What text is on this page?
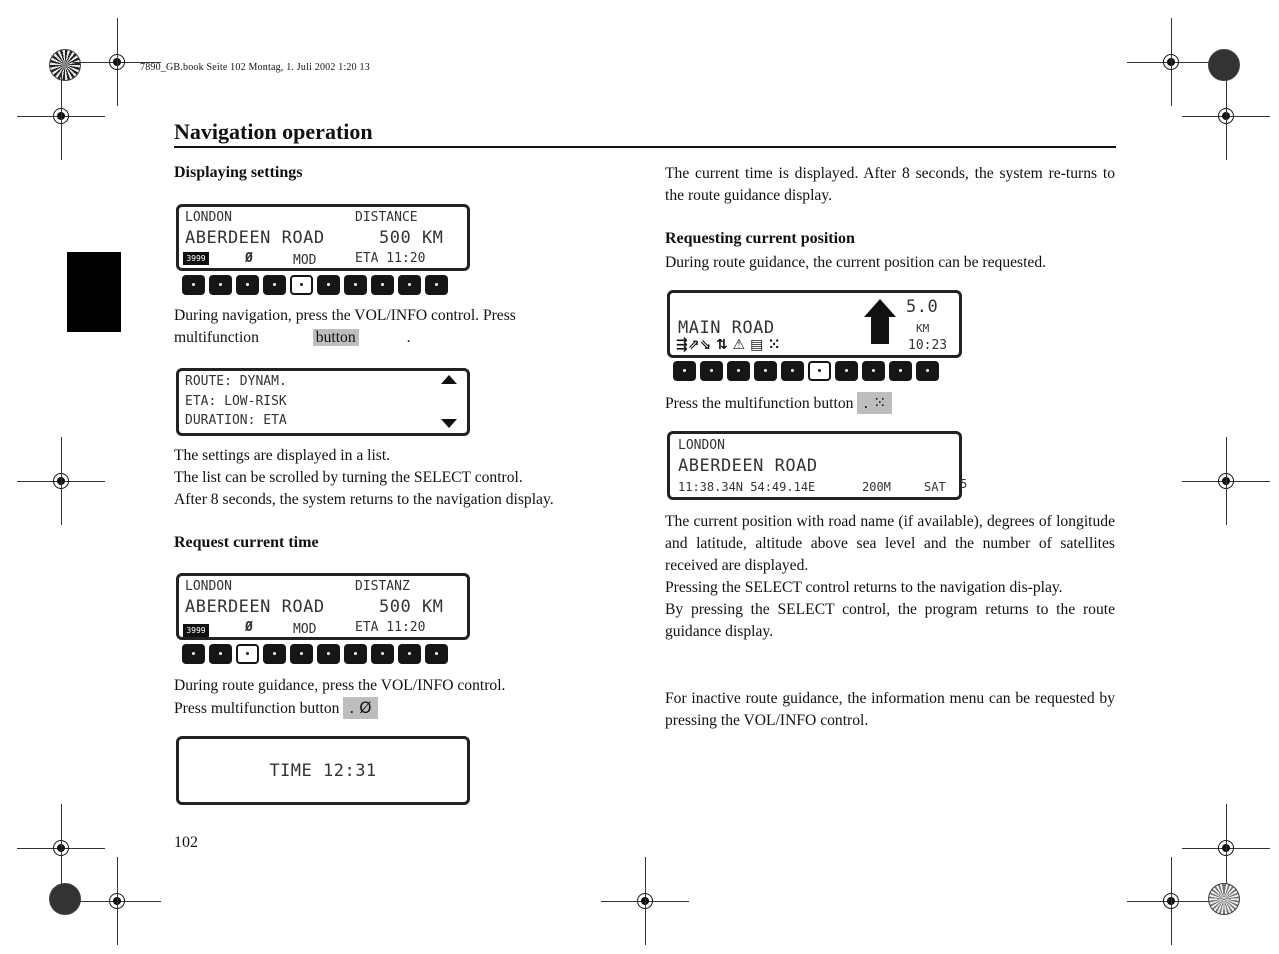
7890_GB.book Seite 102 Montag, 1. Juli 2002 1:20 13
Navigation operation
Displaying settings
LONDON	DISTANCE
ABERDEEN ROAD	500 KM
3999	Ø	MOD	ETA 11:20

During navigation, press the VOL/INFO control. Press

multifunction	button	.

ROUTE: DYNAM.
ETA: LOW-RISK
DURATION: ETA

The settings are displayed in a list.

The list can be scrolled by turning the SELECT control.

After 8 seconds, the system returns to the navigation display.

Request current time
LONDON	DISTANZ
ABERDEEN ROAD	500 KM
3999	Ø	MOD	ETA 11:20

During route guidance, press the VOL/INFO control.

Press multifunction button . Ø

TIME 12:31
102

The current time is displayed. After 8 seconds, the system re-turns to the route guidance display.

Requesting current position

During route guidance, the current position can be requested.

MAIN ROAD
⇶⇗⇘ ⇅ ⚠ ▤ ⁙
5.0
KM
10:23

Press the multifunction button . ⁙

LONDON
ABERDEEN ROAD
11:38.34N 54:49.14E	200M	SAT 5

The current position with road name (if available), degrees of longitude and latitude, altitude above sea level and the number of satellites received are displayed.

Pressing the SELECT control returns to the navigation dis-play.

By pressing the SELECT control, the program returns to the route guidance display.

For inactive route guidance, the information menu can be requested by pressing the VOL/INFO control.
